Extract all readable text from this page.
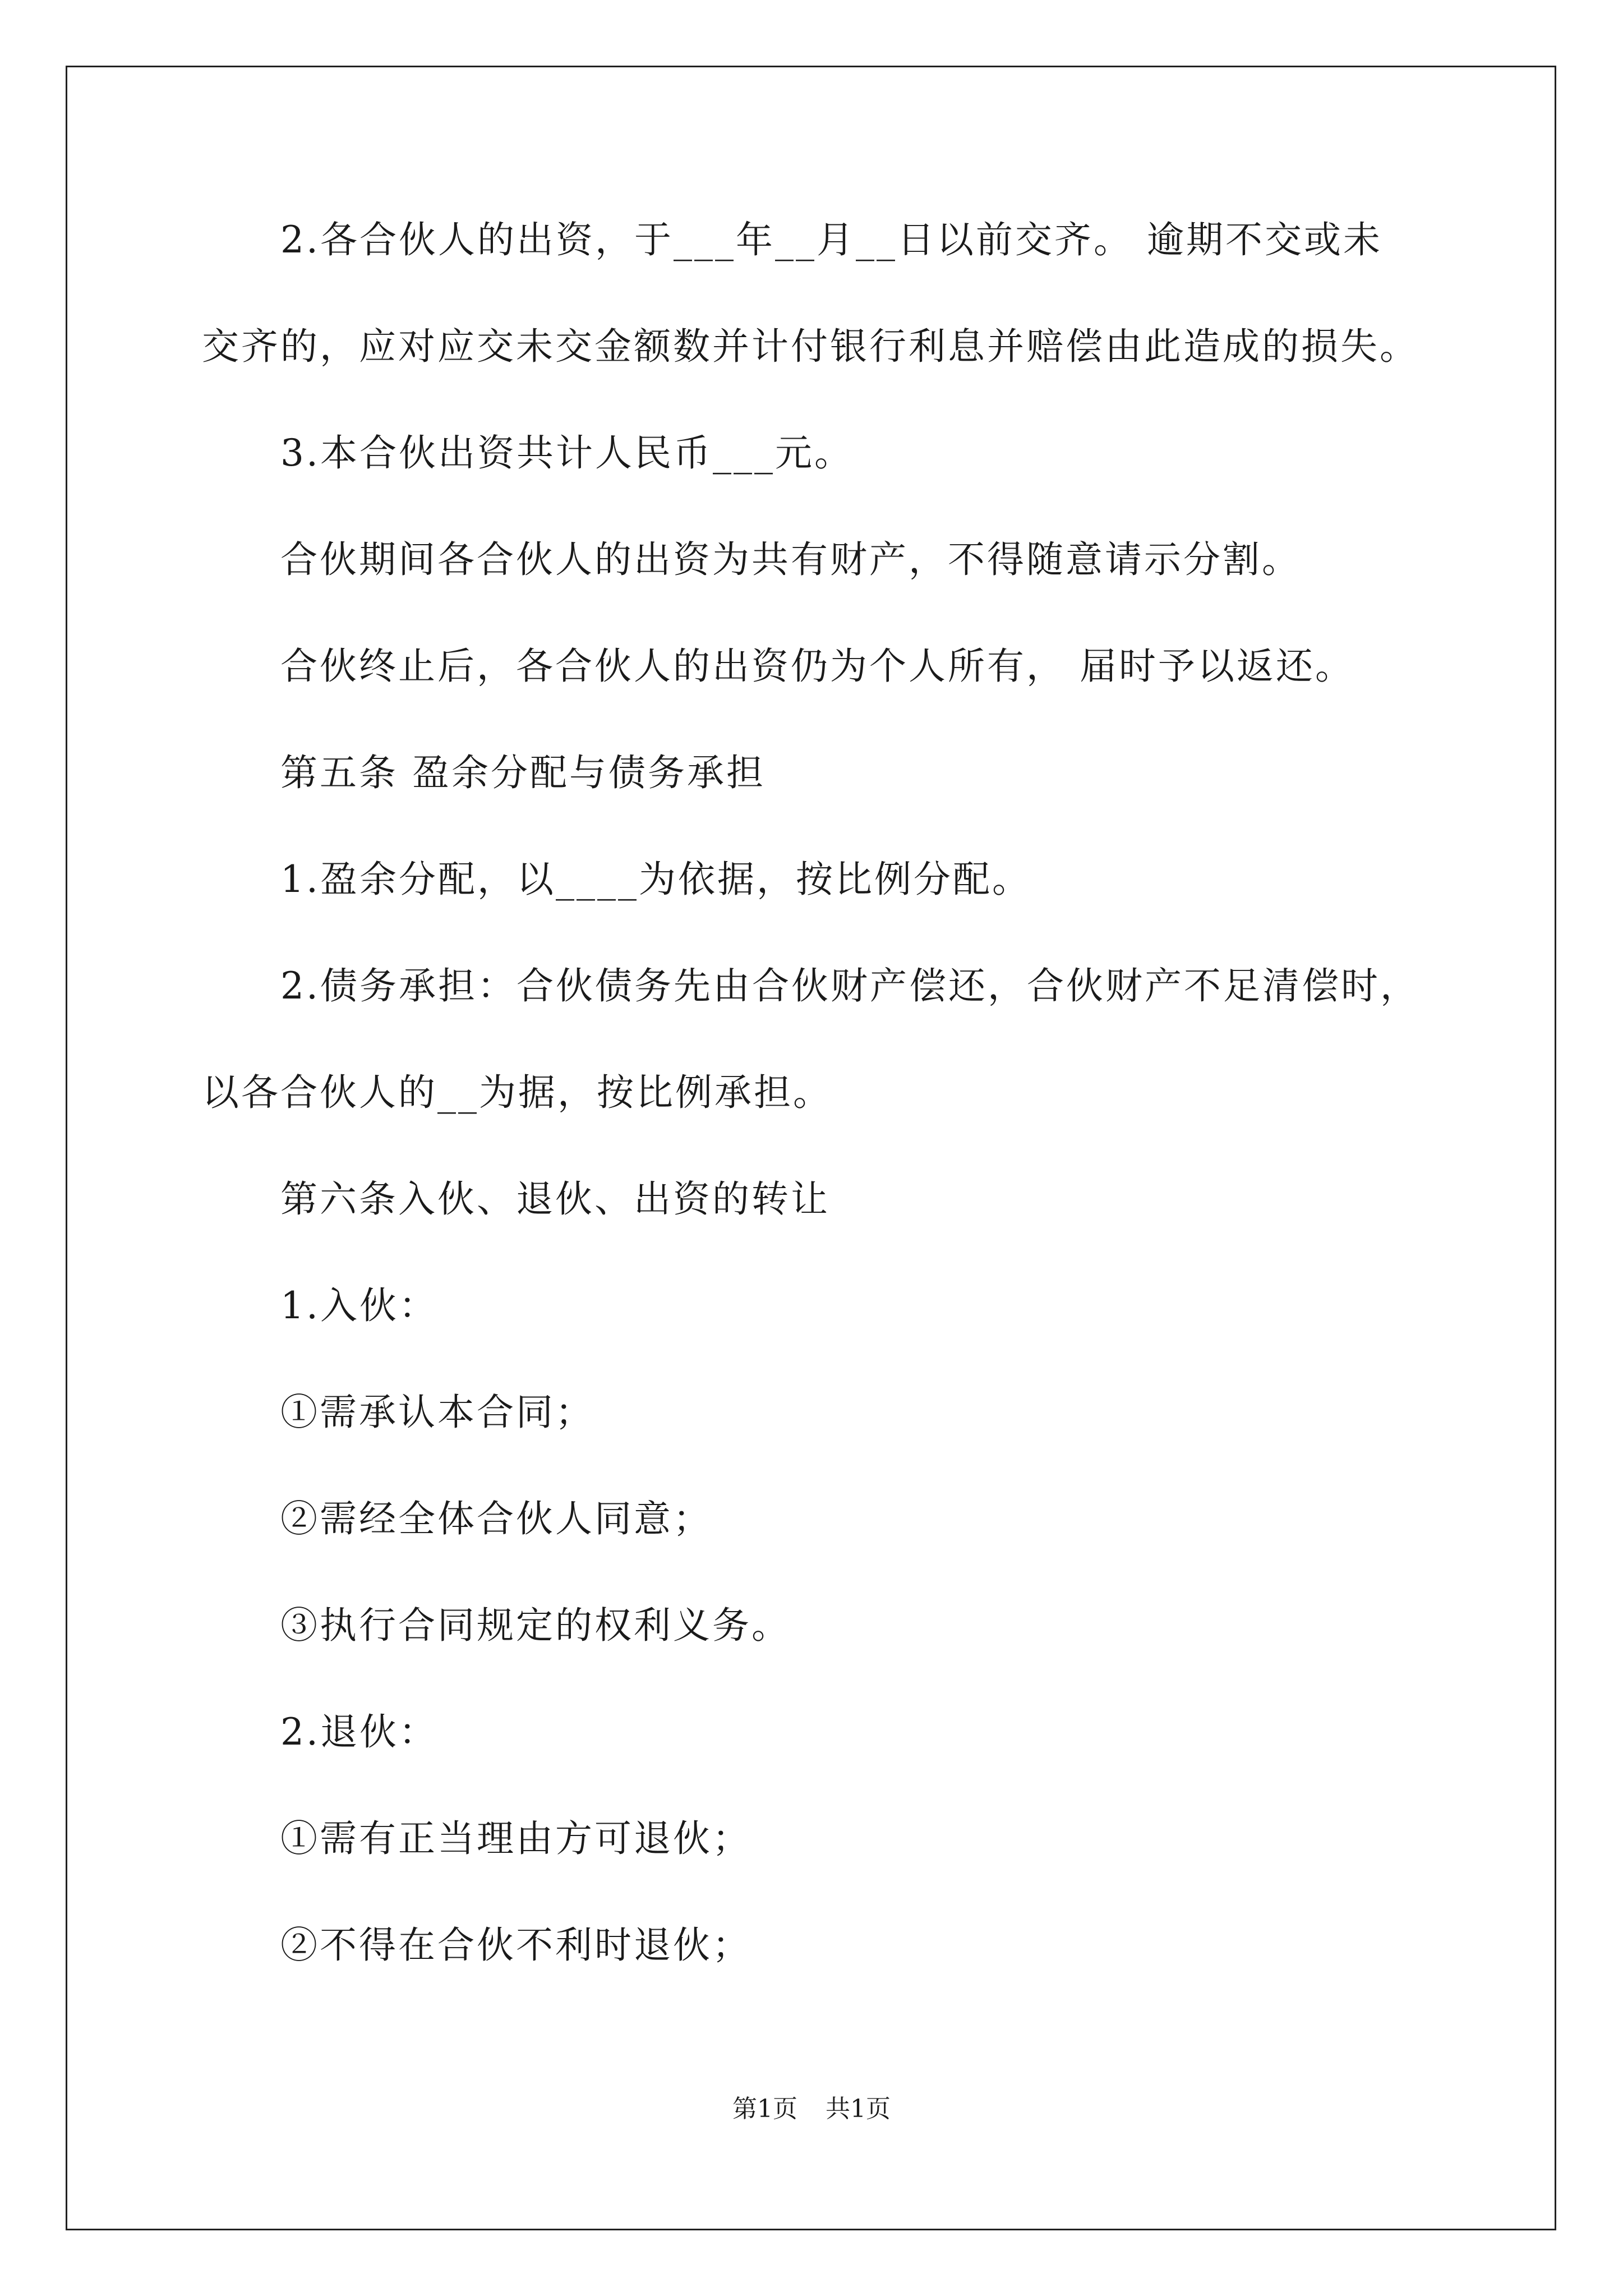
2.各合伙人的出资，于___年__月__日以前交齐。 逾期不交或未
交齐的，应对应交未交金额数并计付银行利息并赔偿由此造成的损失。
3.本合伙出资共计人民币___元。
合伙期间各合伙人的出资为共有财产，不得随意请示分割。
合伙终止后，各合伙人的出资仍为个人所有， 届时予以返还。
第五条 盈余分配与债务承担
1.盈余分配，以____为依据，按比例分配。
2.债务承担：合伙债务先由合伙财产偿还，合伙财产不足清偿时，
以各合伙人的__为据，按比例承担。
第六条入伙、退伙、出资的转让
1.入伙：
①需承认本合同；
②需经全体合伙人同意；
③执行合同规定的权利义务。
2.退伙：
①需有正当理由方可退伙；
②不得在合伙不利时退伙；
第1页 共1页
